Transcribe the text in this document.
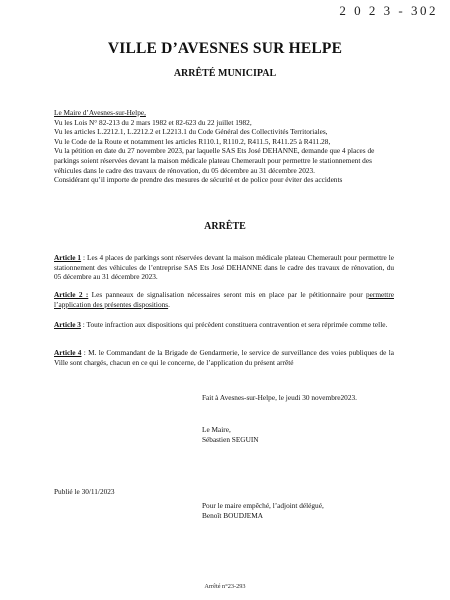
2 0 2 3 - 302
VILLE D’AVESNES SUR HELPE
ARRÊTÉ MUNICIPAL
Le Maire d’Avesnes-sur-Helpe,
Vu les Lois N° 82-213 du 2 mars 1982 et 82-623 du 22 juillet 1982,
Vu les articles L.2212.1, L.2212.2 et L2213.1 du Code Général des Collectivités Territoriales,
Vu le Code de la Route et notamment les articles R110.1, R110.2, R411.5, R411.25 à R411.28,
Vu la pétition en date du 27 novembre 2023, par laquelle SAS Ets José DEHANNE, demande que 4 places de parkings soient réservées devant la maison médicale plateau Chemerault pour permettre le stationnement des véhicules dans le cadre des travaux de rénovation, du 05 décembre au 31 décembre 2023.
Considérant qu’il importe de prendre des mesures de sécurité et de police pour éviter des accidents
ARRÊTE
Article 1 : Les 4 places de parkings sont réservées devant la maison médicale plateau Chemerault pour permettre le stationnement des véhicules de l’entreprise SAS Ets José DEHANNE dans le cadre des travaux de rénovation, du 05 décembre au 31 décembre 2023.
Article 2 : Les panneaux de signalisation nécessaires seront mis en place par le pétitionnaire pour permettre l’application des présentes dispositions.
Article 3 : Toute infraction aux dispositions qui précèdent constituera contravention et sera réprimée comme telle.
Article 4 : M. le Commandant de la Brigade de Gendarmerie, le service de surveillance des voies publiques de la Ville sont chargés, chacun en ce qui le concerne, de l’application du présent arrêté
Fait à Avesnes-sur-Helpe, le jeudi 30 novembre2023.
Le Maire,
Sébastien SEGUIN
Publié le 30/11/2023
Pour le maire empêché, l’adjoint délégué,
Benoît BOUDJEMA
Arrêté n°23-293
